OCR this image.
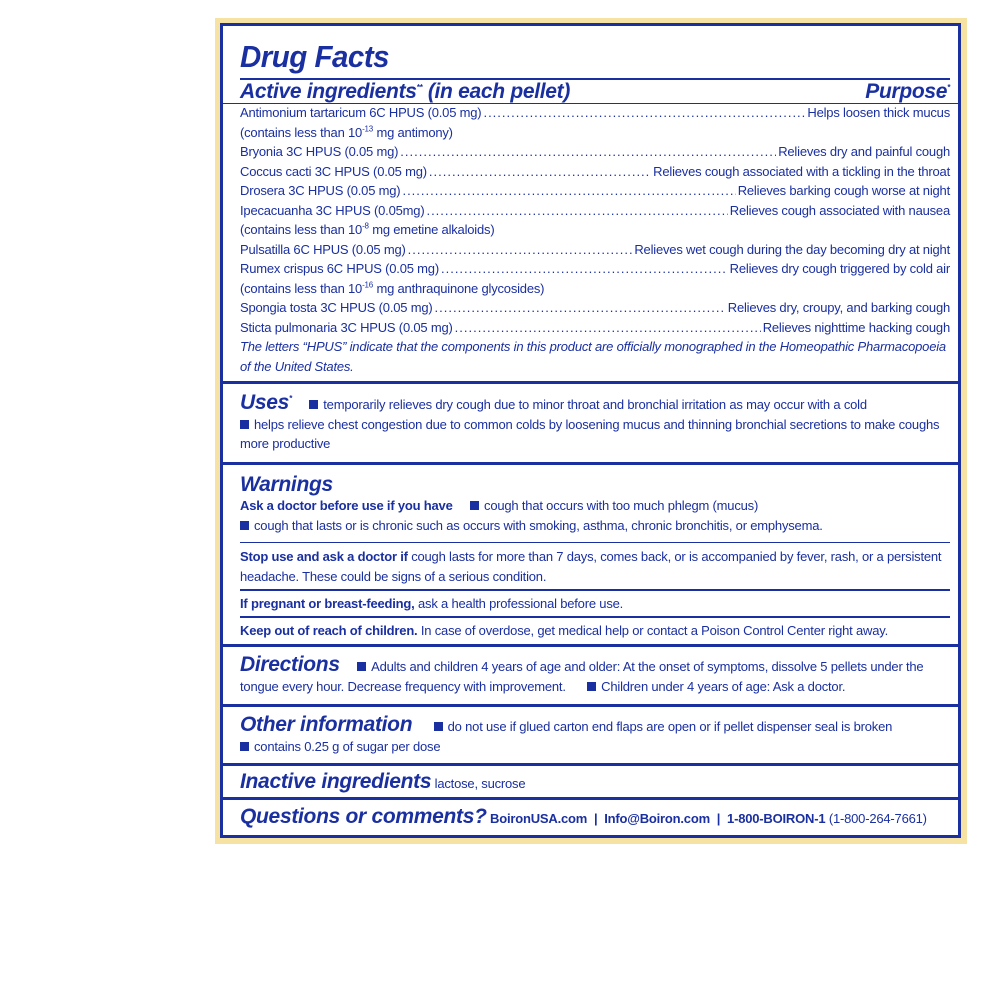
Drug Facts
Active ingredients** (in each pellet)	Purpose*
Antimonium tartaricum 6C HPUS (0.05 mg) .....	Helps loosen thick mucus
(contains less than $10^{-13}$ mg antimony)
Bryonia 3C HPUS (0.05 mg) .....	Relieves dry and painful cough
Coccus cacti 3C HPUS (0.05 mg) .....	Relieves cough associated with a tickling in the throat
Drosera 3C HPUS (0.05 mg) .....	Relieves barking cough worse at night
Ipecacuanha 3C HPUS (0.05mg) .....	Relieves cough associated with nausea
(contains less than $10^{-8}$ mg emetine alkaloids)
Pulsatilla 6C HPUS (0.05 mg) .....	Relieves wet cough during the day becoming dry at night
Rumex crispus 6C HPUS (0.05 mg) .....	Relieves dry cough triggered by cold air
(contains less than $10^{-16}$ mg anthraquinone glycosides)
Spongia tosta 3C HPUS (0.05 mg) .....	Relieves dry, croupy, and barking cough
Sticta pulmonaria 3C HPUS (0.05 mg) .....	Relieves nighttime hacking cough
The letters “HPUS” indicate that the components in this product are officially monographed in the Homeopathic Pharmacopoeia of the United States.
Uses* temporarily relieves dry cough due to minor throat and bronchial irritation as may occur with a cold
helps relieve chest congestion due to common colds by loosening mucus and thinning bronchial secretions to make coughs more productive
Warnings
Ask a doctor before use if you have cough that occurs with too much phlegm (mucus)
cough that lasts or is chronic such as occurs with smoking, asthma, chronic bronchitis, or emphysema.
Stop use and ask a doctor if cough lasts for more than 7 days, comes back, or is accompanied by fever, rash, or a persistent headache. These could be signs of a serious condition.
If pregnant or breast-feeding, ask a health professional before use.
Keep out of reach of children. In case of overdose, get medical help or contact a Poison Control Center right away.
Directions Adults and children 4 years of age and older: At the onset of symptoms, dissolve 5 pellets under the tongue every hour. Decrease frequency with improvement.	Children under 4 years of age: Ask a doctor.
Other information	do not use if glued carton end flaps are open or if pellet dispenser seal is broken
contains 0.25 g of sugar per dose
Inactive ingredients lactose, sucrose
Questions or comments? BoironUSA.com | Info@Boiron.com | 1-800-BOIRON-1 (1-800-264-7661)
